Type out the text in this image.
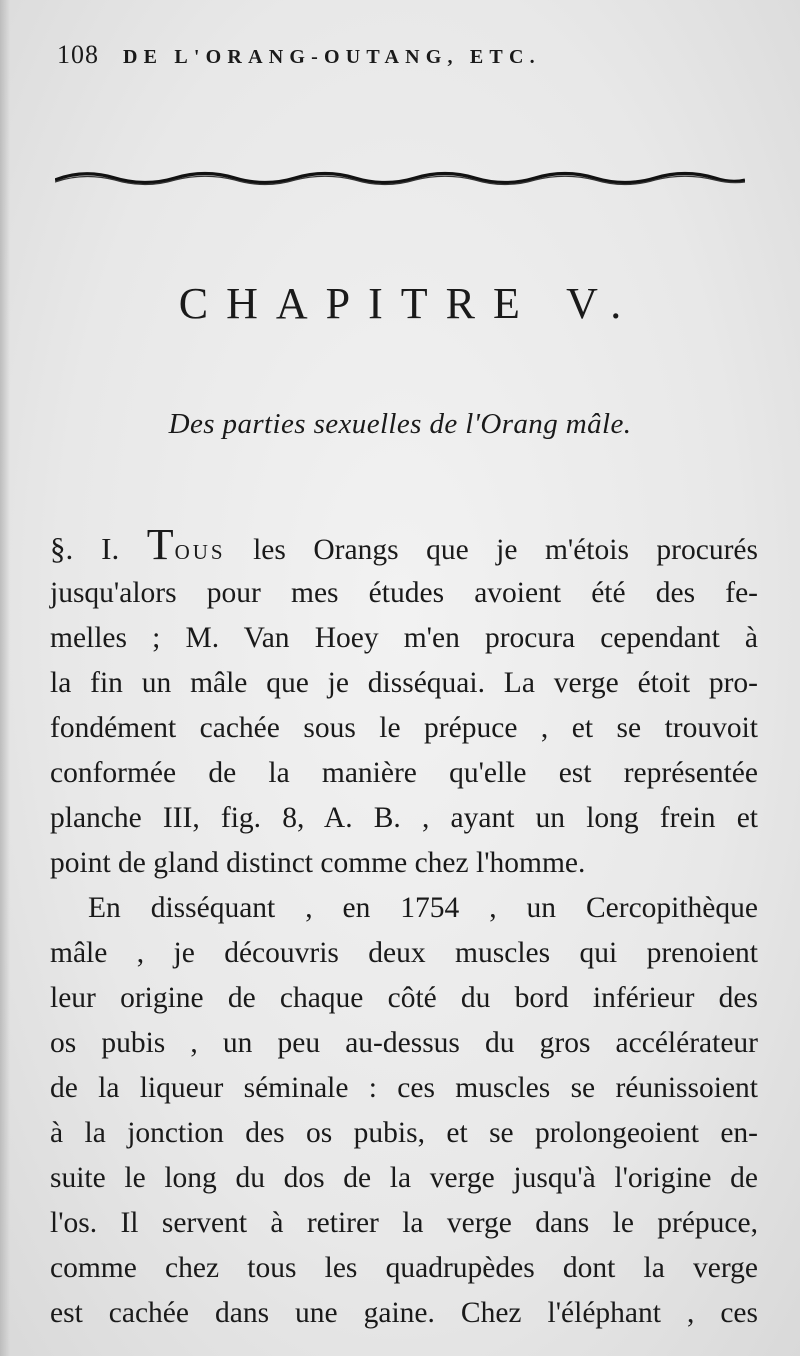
108 DE L'ORANG-OUTANG, ETC.
CHAPITRE V.
Des parties sexuelles de l'Orang mâle.

§. I. Tous les Orangs que je m'étois procurés
jusqu'alors pour mes études avoient été des fe-
melles ; M. Van Hoey m'en procura cependant à
la fin un mâle que je disséquai. La verge étoit pro-
fondément cachée sous le prépuce , et se trouvoit
conformée de la manière qu'elle est représentée
planche III, fig. 8, A. B. , ayant un long frein et
point de gland distinct comme chez l'homme.

En disséquant , en 1754 , un Cercopithèque
mâle , je découvris deux muscles qui prenoient
leur origine de chaque côté du bord inférieur des
os pubis , un peu au-dessus du gros accélérateur
de la liqueur séminale : ces muscles se réunissoient
à la jonction des os pubis, et se prolongeoient en-
suite le long du dos de la verge jusqu'à l'origine de
l'os. Il servent à retirer la verge dans le prépuce,
comme chez tous les quadrupèdes dont la verge
est cachée dans une gaine. Chez l'éléphant , ces
